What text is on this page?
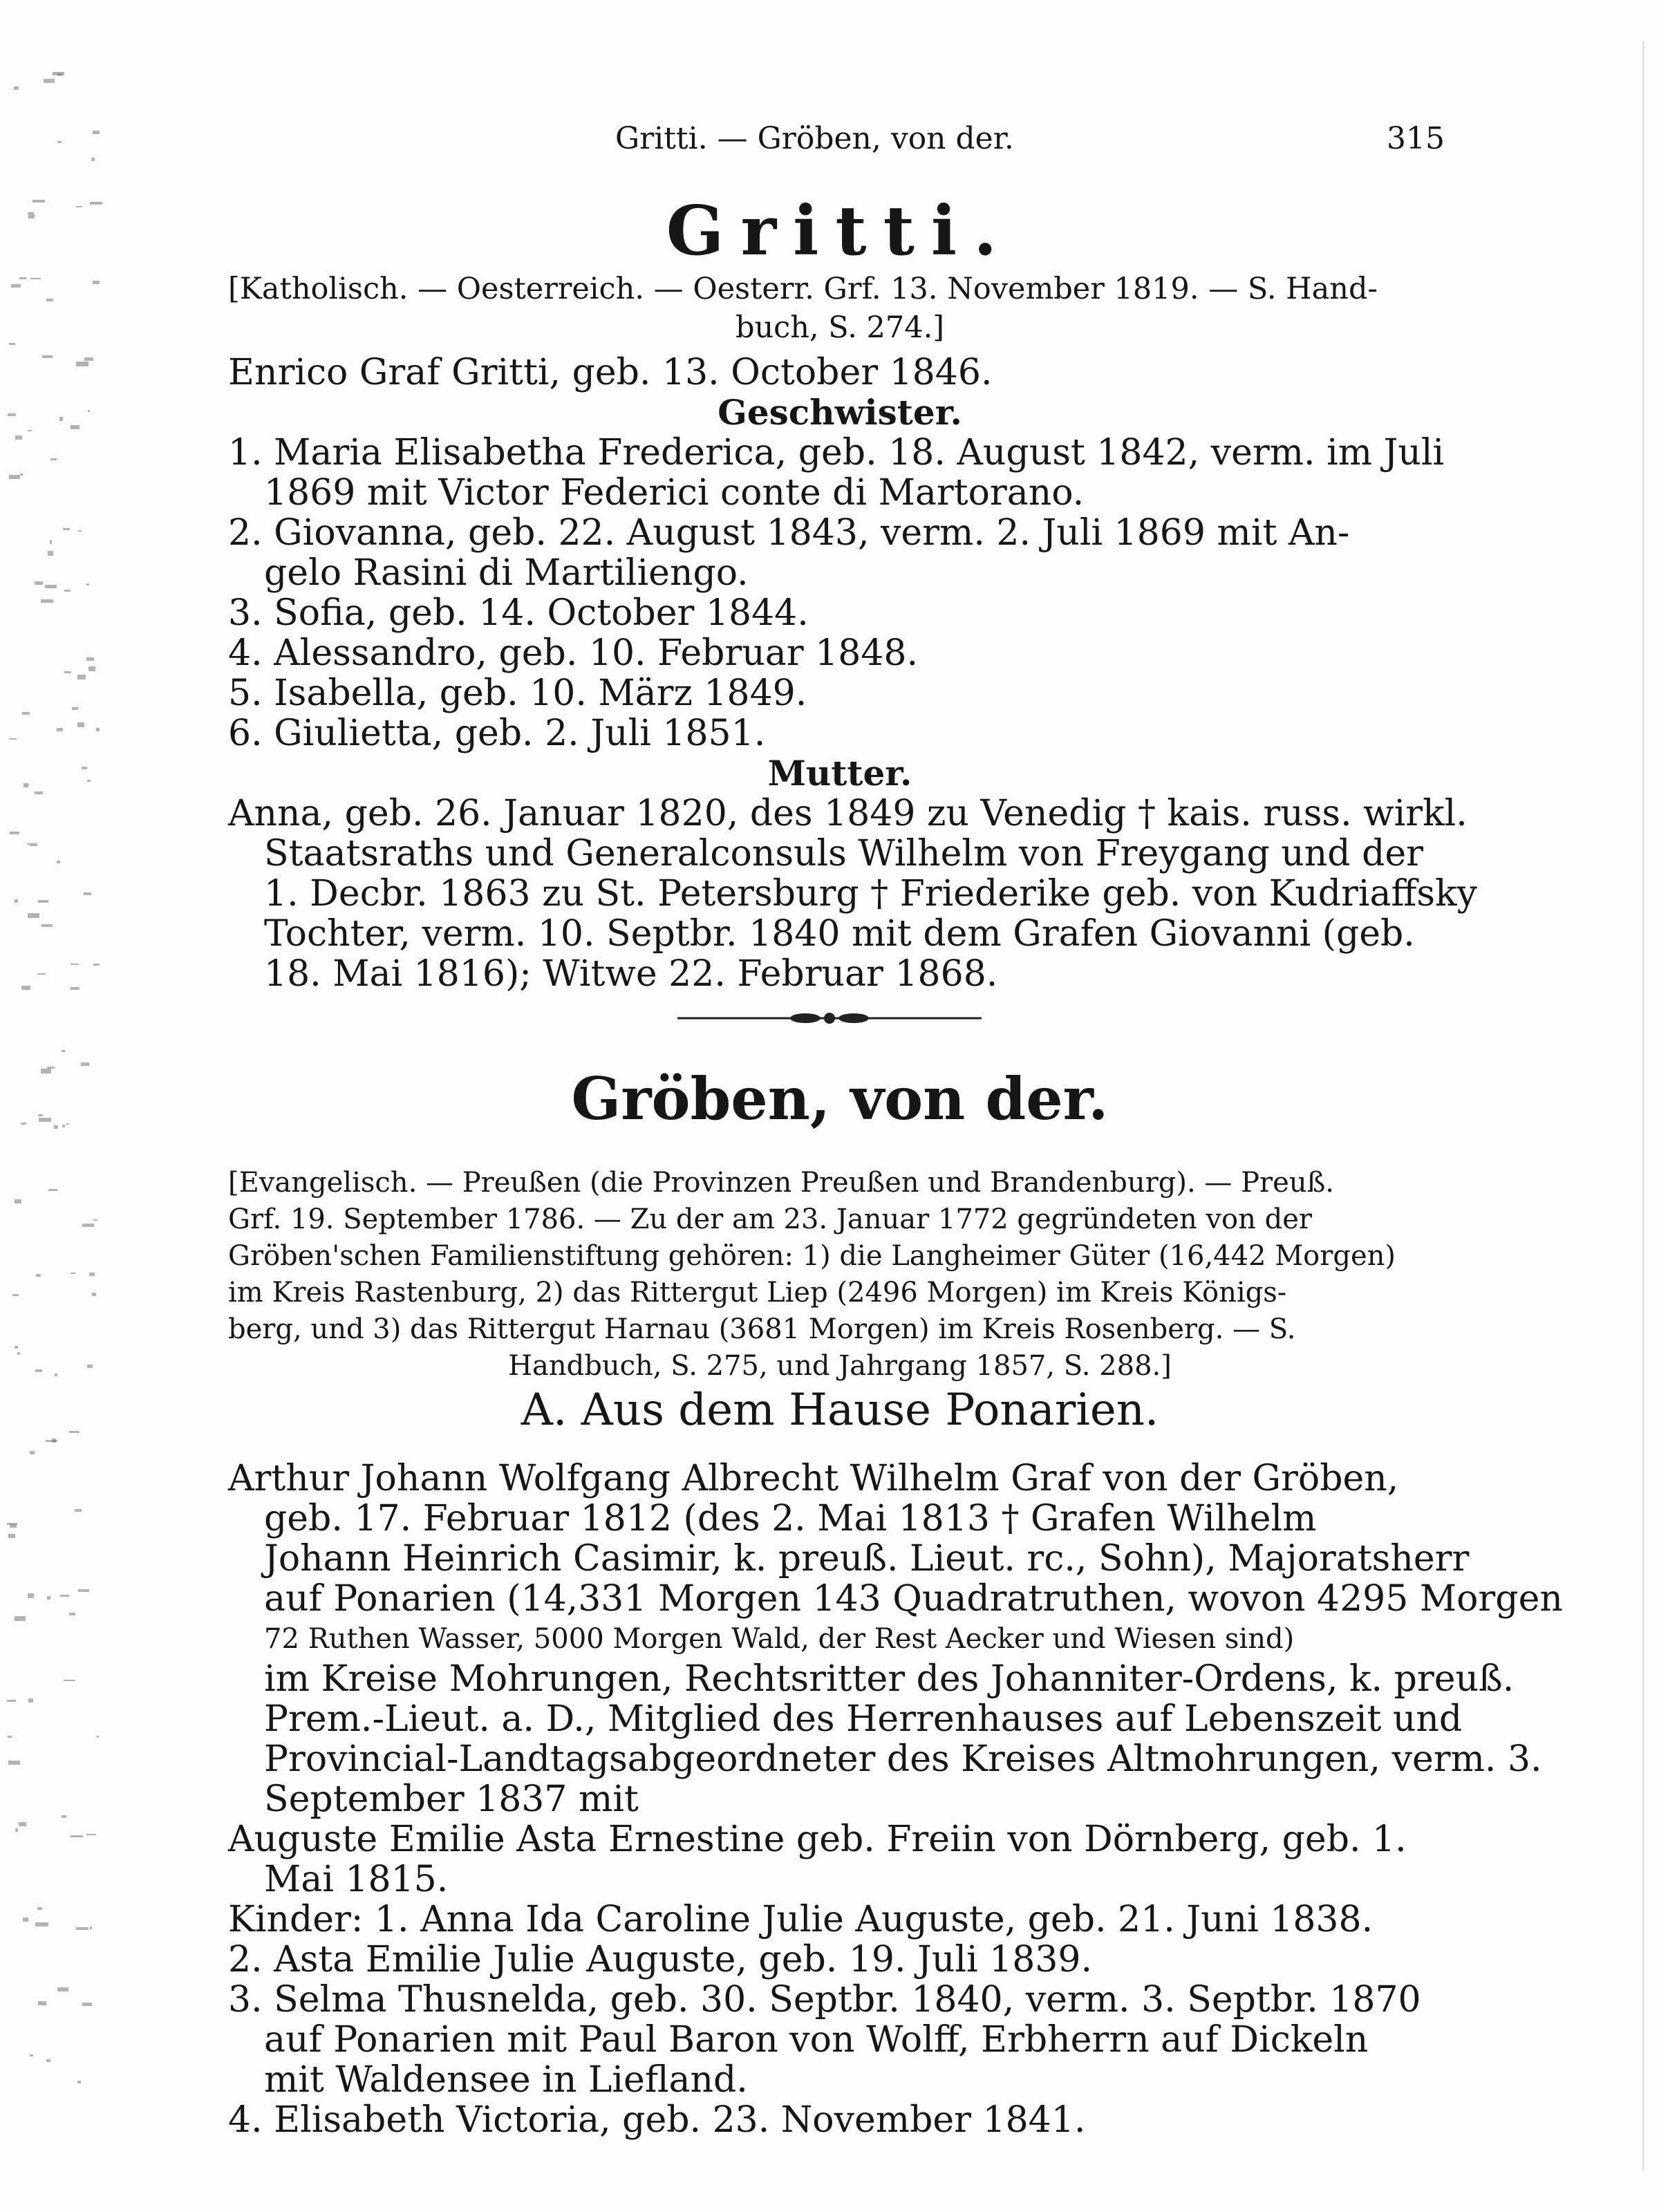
Gritti. — Gröben, von der.	315
Gritti.
[Katholisch. — Oesterreich. — Oesterr. Grf. 13. November 1819. — S. Hand-
buch, S. 274.]
Enrico Graf Gritti, geb. 13. October 1846.
Geschwister.
1. Maria Elisabetha Frederica, geb. 18. August 1842, verm. im Juli
1869 mit Victor Federici conte di Martorano.
2. Giovanna, geb. 22. August 1843, verm. 2. Juli 1869 mit An-
gelo Rasini di Martiliengo.
3. Sofia, geb. 14. October 1844.
4. Alessandro, geb. 10. Februar 1848.
5. Isabella, geb. 10. März 1849.
6. Giulietta, geb. 2. Juli 1851.
Mutter.
Anna, geb. 26. Januar 1820, des 1849 zu Venedig † kais. russ. wirkl.
Staatsraths und Generalconsuls Wilhelm von Freygang und der
1. Decbr. 1863 zu St. Petersburg † Friederike geb. von Kudriaffsky
Tochter, verm. 10. Septbr. 1840 mit dem Grafen Giovanni (geb.
18. Mai 1816); Witwe 22. Februar 1868.
Gröben, von der.
[Evangelisch. — Preußen (die Provinzen Preußen und Brandenburg). — Preuß.
Grf. 19. September 1786. — Zu der am 23. Januar 1772 gegründeten von der
Gröben'schen Familienstiftung gehören: 1) die Langheimer Güter (16,442 Morgen)
im Kreis Rastenburg, 2) das Rittergut Liep (2496 Morgen) im Kreis Königs-
berg, und 3) das Rittergut Harnau (3681 Morgen) im Kreis Rosenberg. — S.
Handbuch, S. 275, und Jahrgang 1857, S. 288.]
A. Aus dem Hause Ponarien.
Arthur Johann Wolfgang Albrecht Wilhelm Graf von der Gröben,
geb. 17. Februar 1812 (des 2. Mai 1813 † Grafen Wilhelm
Johann Heinrich Casimir, k. preuß. Lieut. rc., Sohn), Majoratsherr
auf Ponarien (14,331 Morgen 143 Quadratruthen, wovon 4295 Morgen
72 Ruthen Wasser, 5000 Morgen Wald, der Rest Aecker und Wiesen sind)
im Kreise Mohrungen, Rechtsritter des Johanniter-Ordens, k. preuß.
Prem.-Lieut. a. D., Mitglied des Herrenhauses auf Lebenszeit und
Provincial-Landtagsabgeordneter des Kreises Altmohrungen, verm. 3.
September 1837 mit
Auguste Emilie Asta Ernestine geb. Freiin von Dörnberg, geb. 1.
Mai 1815.
Kinder: 1. Anna Ida Caroline Julie Auguste, geb. 21. Juni 1838.
2. Asta Emilie Julie Auguste, geb. 19. Juli 1839.
3. Selma Thusnelda, geb. 30. Septbr. 1840, verm. 3. Septbr. 1870
auf Ponarien mit Paul Baron von Wolff, Erbherrn auf Dickeln
mit Waldensee in Liefland.
4. Elisabeth Victoria, geb. 23. November 1841.
